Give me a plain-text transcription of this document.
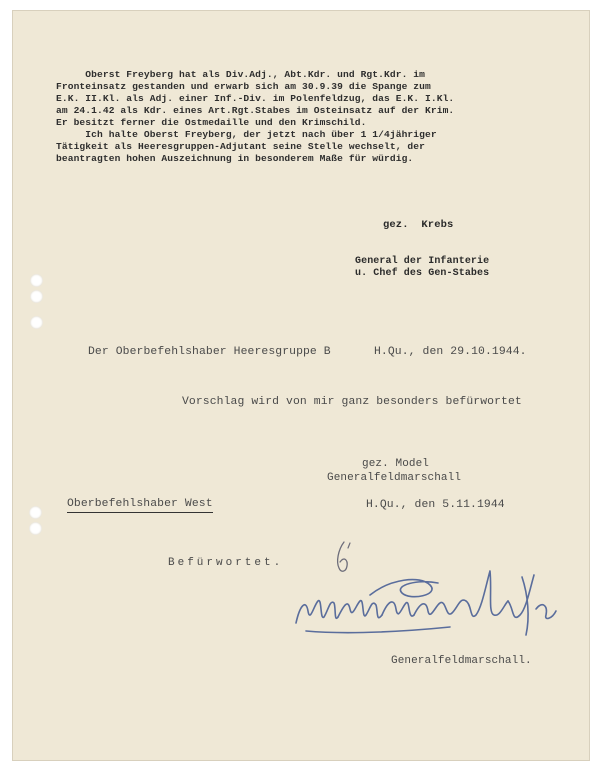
Oberst Freyberg hat als Div.Adj., Abt.Kdr. und Rgt.Kdr. im
Fronteinsatz gestanden und erwarb sich am 30.9.39 die Spange zum
E.K. II.Kl. als Adj. einer Inf.-Div. im Polenfeldzug, das E.K. I.Kl.
am 24.1.42 als Kdr. eines Art.Rgt.Stabes im Osteinsatz auf der Krim.
Er besitzt ferner die Ostmedaille und den Krimschild.
Ich halte Oberst Freyberg, der jetzt nach über 1 1/4jähriger
Tätigkeit als Heeresgruppen-Adjutant seine Stelle wechselt, der
beantragten hohen Auszeichnung in besonderem Maße für würdig.
gez.  Krebs
General der Infanterie
u. Chef des Gen-Stabes
Der Oberbefehlshaber Heeresgruppe B	H.Qu., den 29.10.1944.
Vorschlag wird von mir ganz besonders befürwortet
gez. Model
Generalfeldmarschall
Oberbefehlshaber West	H.Qu., den 5.11.1944
Befürwortet.
Generalfeldmarschall.
